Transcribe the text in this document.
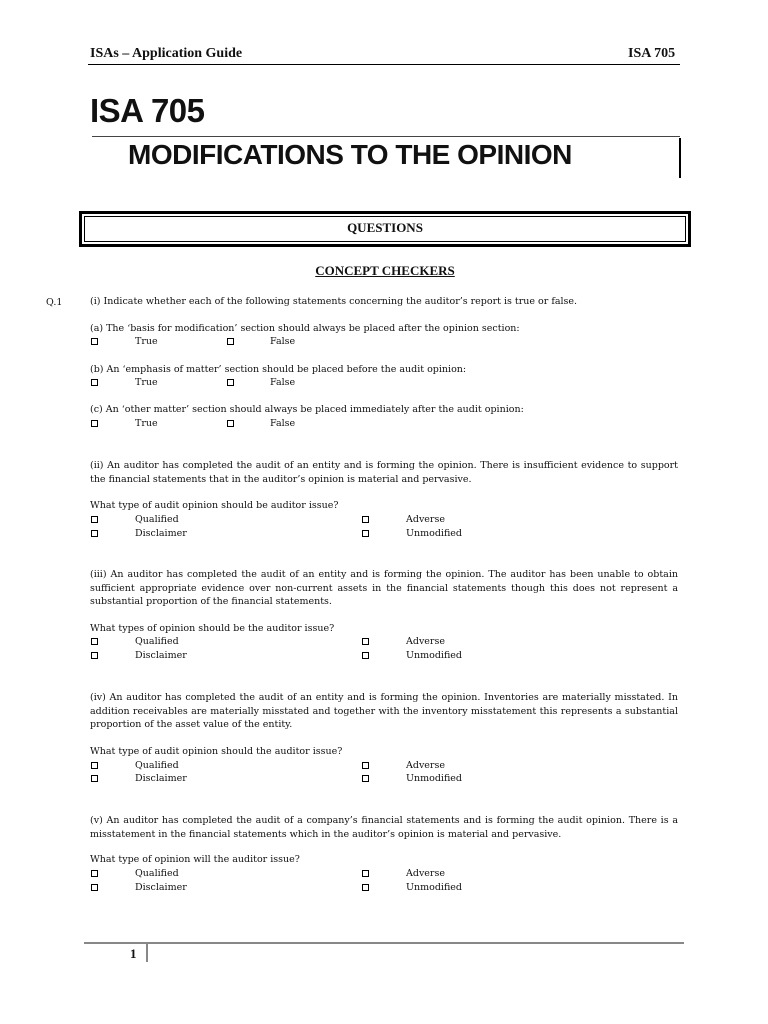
ISAs – Application Guide	ISA 705
ISA 705
MODIFICATIONS TO THE OPINION
QUESTIONS
CONCEPT CHECKERS
Q.1	(i) Indicate whether each of the following statements concerning the auditor’s report is true or false.
(a) The ‘basis for modification’ section should always be placed after the opinion section:
True	False
(b) An ‘emphasis of matter’ section should be placed before the audit opinion:
True	False
(c) An ‘other matter’ section should always be placed immediately after the audit opinion:
True	False
(ii) An auditor has completed the audit of an entity and is forming the opinion. There is insufficient evidence to support the financial statements that in the auditor’s opinion is material and pervasive.
What type of audit opinion should be auditor issue?
Qualified	Adverse
Disclaimer	Unmodified
(iii) An auditor has completed the audit of an entity and is forming the opinion. The auditor has been unable to obtain sufficient appropriate evidence over non-current assets in the financial statements though this does not represent a substantial proportion of the financial statements.
What types of opinion should be the auditor issue?
Qualified	Adverse
Disclaimer	Unmodified
(iv) An auditor has completed the audit of an entity and is forming the opinion. Inventories are materially misstated. In addition receivables are materially misstated and together with the inventory misstatement this represents a substantial proportion of the asset value of the entity.
What type of audit opinion should the auditor issue?
Qualified	Adverse
Disclaimer	Unmodified
(v) An auditor has completed the audit of a company’s financial statements and is forming the audit opinion. There is a misstatement in the financial statements which in the auditor’s opinion is material and pervasive.
What type of opinion will the auditor issue?
Qualified	Adverse
Disclaimer	Unmodified
1
